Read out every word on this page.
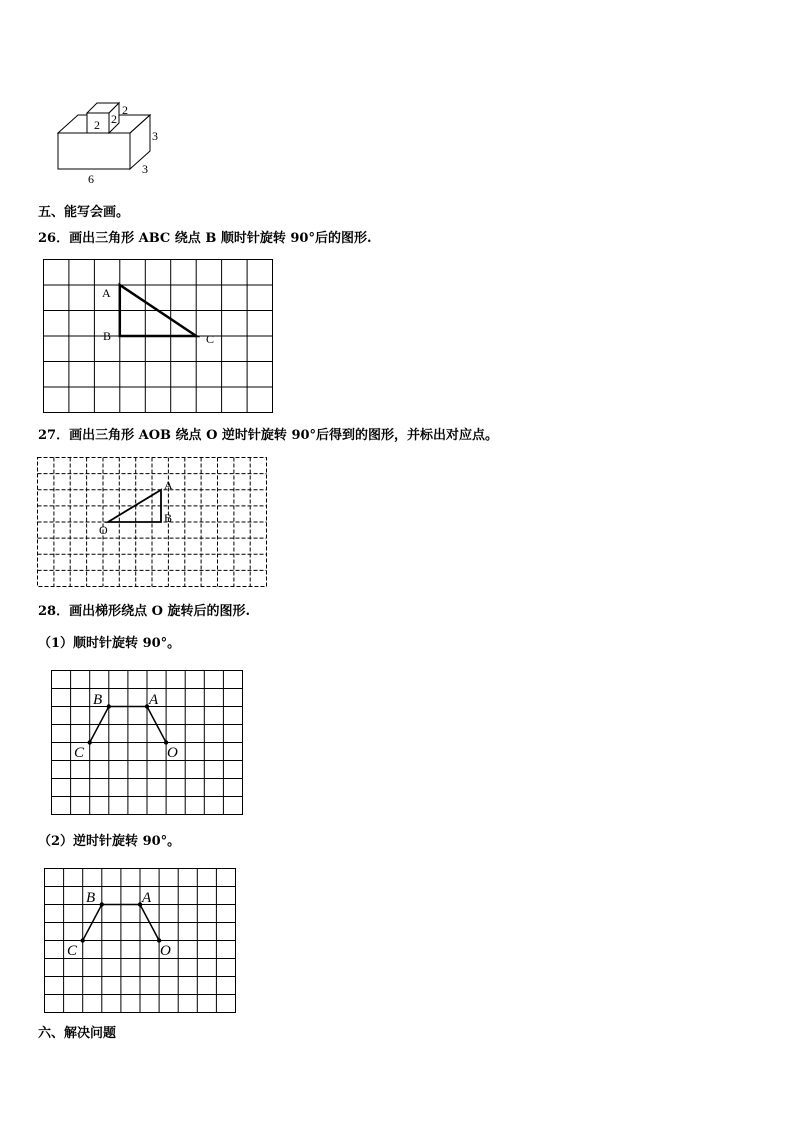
2 2
2
3
3
6
五、能写会画。
26．画出三角形 ABC 绕点 B 顺时针旋转 90°后的图形.
A
B	C
27．画出三角形 AOB 绕点 O 逆时针旋转 90°后得到的图形，并标出对应点。
A
B
O
28．画出梯形绕点 O 旋转后的图形.
（1）顺时针旋转 90°。
B	A
C	O
（2）逆时针旋转 90°。
B	A
C	O
六、解决问题
